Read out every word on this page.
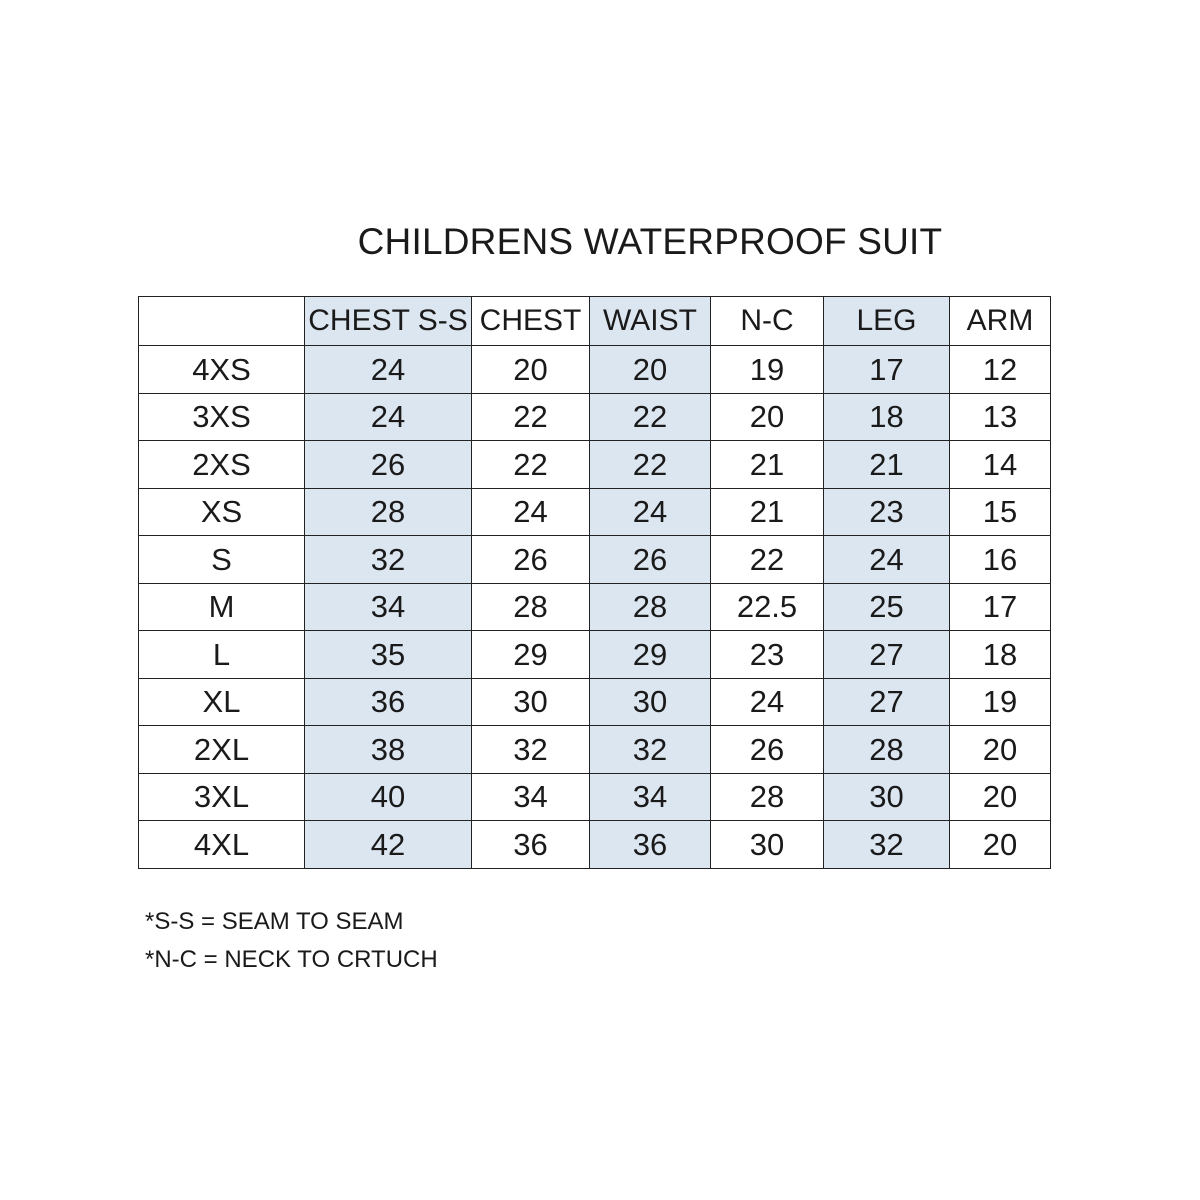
CHILDRENS WATERPROOF SUIT
	CHEST S-S	CHEST	WAIST	N-C	LEG	ARM
4XS	24	20	20	19	17	12
3XS	24	22	22	20	18	13
2XS	26	22	22	21	21	14
XS	28	24	24	21	23	15
S	32	26	26	22	24	16
M	34	28	28	22.5	25	17
L	35	29	29	23	27	18
XL	36	30	30	24	27	19
2XL	38	32	32	26	28	20
3XL	40	34	34	28	30	20
4XL	42	36	36	30	32	20
*S-S = SEAM TO SEAM
*N-C = NECK TO CRTUCH
